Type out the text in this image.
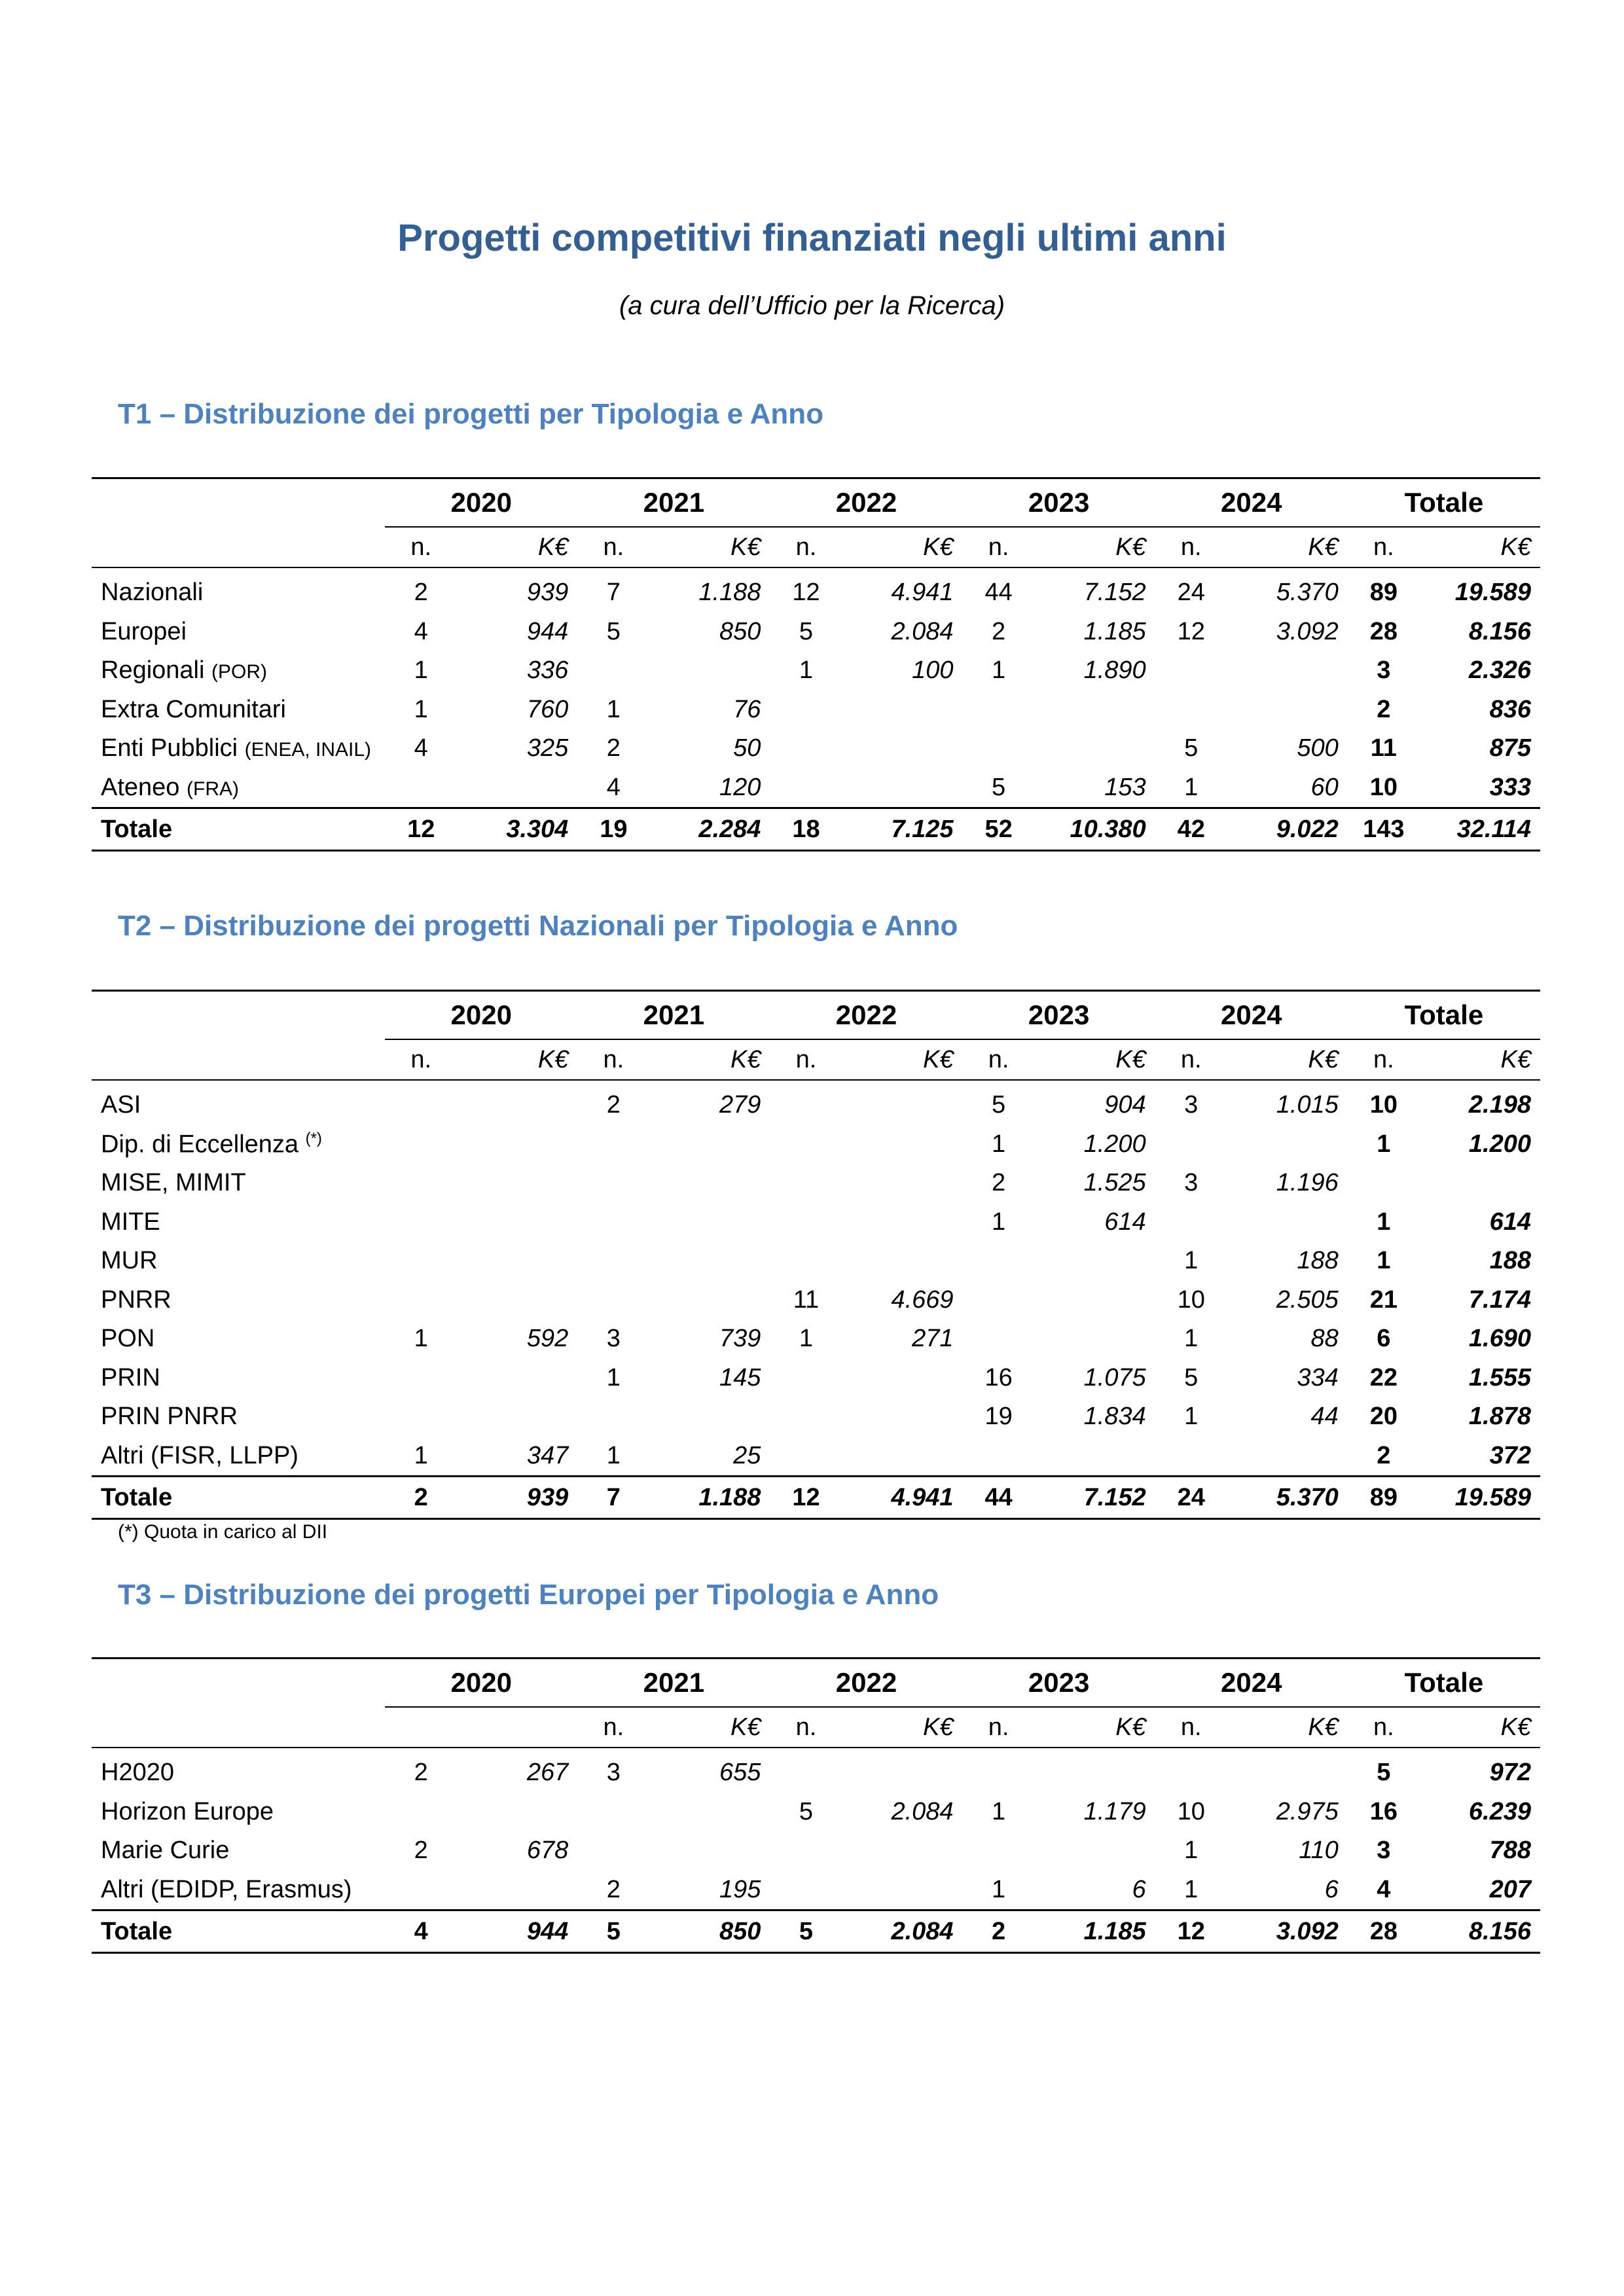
Progetti competitivi finanziati negli ultimi anni

(a cura dell’Ufficio per la Ricerca)

T1 – Distribuzione dei progetti per Tipologia e Anno
	2020		2021		2022		2023		2024		Totale	
	n.	K€	n.	K€	n.	K€	n.	K€	n.	K€	n.	K€
Nazionali	2	939	7	1.188	12	4.941	44	7.152	24	5.370	89	19.589
Europei	4	944	5	850	5	2.084	2	1.185	12	3.092	28	8.156
Regionali (POR)	1	336			1	100	1	1.890			3	2.326
Extra Comunitari	1	760	1	76							2	836
Enti Pubblici (ENEA, INAIL)	4	325	2	50					5	500	11	875
Ateneo (FRA)			4	120			5	153	1	60	10	333
Totale	12	3.304	19	2.284	18	7.125	52	10.380	42	9.022	143	32.114
T2 – Distribuzione dei progetti Nazionali per Tipologia e Anno
	2020		2021		2022		2023		2024		Totale	
	n.	K€	n.	K€	n.	K€	n.	K€	n.	K€	n.	K€
ASI			2	279			5	904	3	1.015	10	2.198
Dip. di Eccellenza (*)							1	1.200			1	1.200
MISE, MIMIT							2	1.525	3	1.196		
MITE							1	614			1	614
MUR									1	188	1	188
PNRR					11	4.669			10	2.505	21	7.174
PON	1	592	3	739	1	271			1	88	6	1.690
PRIN			1	145			16	1.075	5	334	22	1.555
PRIN PNRR							19	1.834	1	44	20	1.878
Altri (FISR, LLPP)	1	347	1	25							2	372
Totale	2	939	7	1.188	12	4.941	44	7.152	24	5.370	89	19.589

(*) Quota in carico al DII

T3 – Distribuzione dei progetti Europei per Tipologia e Anno
	2020		2021		2022		2023		2024		Totale	
			n.	K€	n.	K€	n.	K€	n.	K€	n.	K€
H2020	2	267	3	655							5	972
Horizon Europe					5	2.084	1	1.179	10	2.975	16	6.239
Marie Curie	2	678							1	110	3	788
Altri (EDIDP, Erasmus)			2	195			1	6	1	6	4	207
Totale	4	944	5	850	5	2.084	2	1.185	12	3.092	28	8.156
